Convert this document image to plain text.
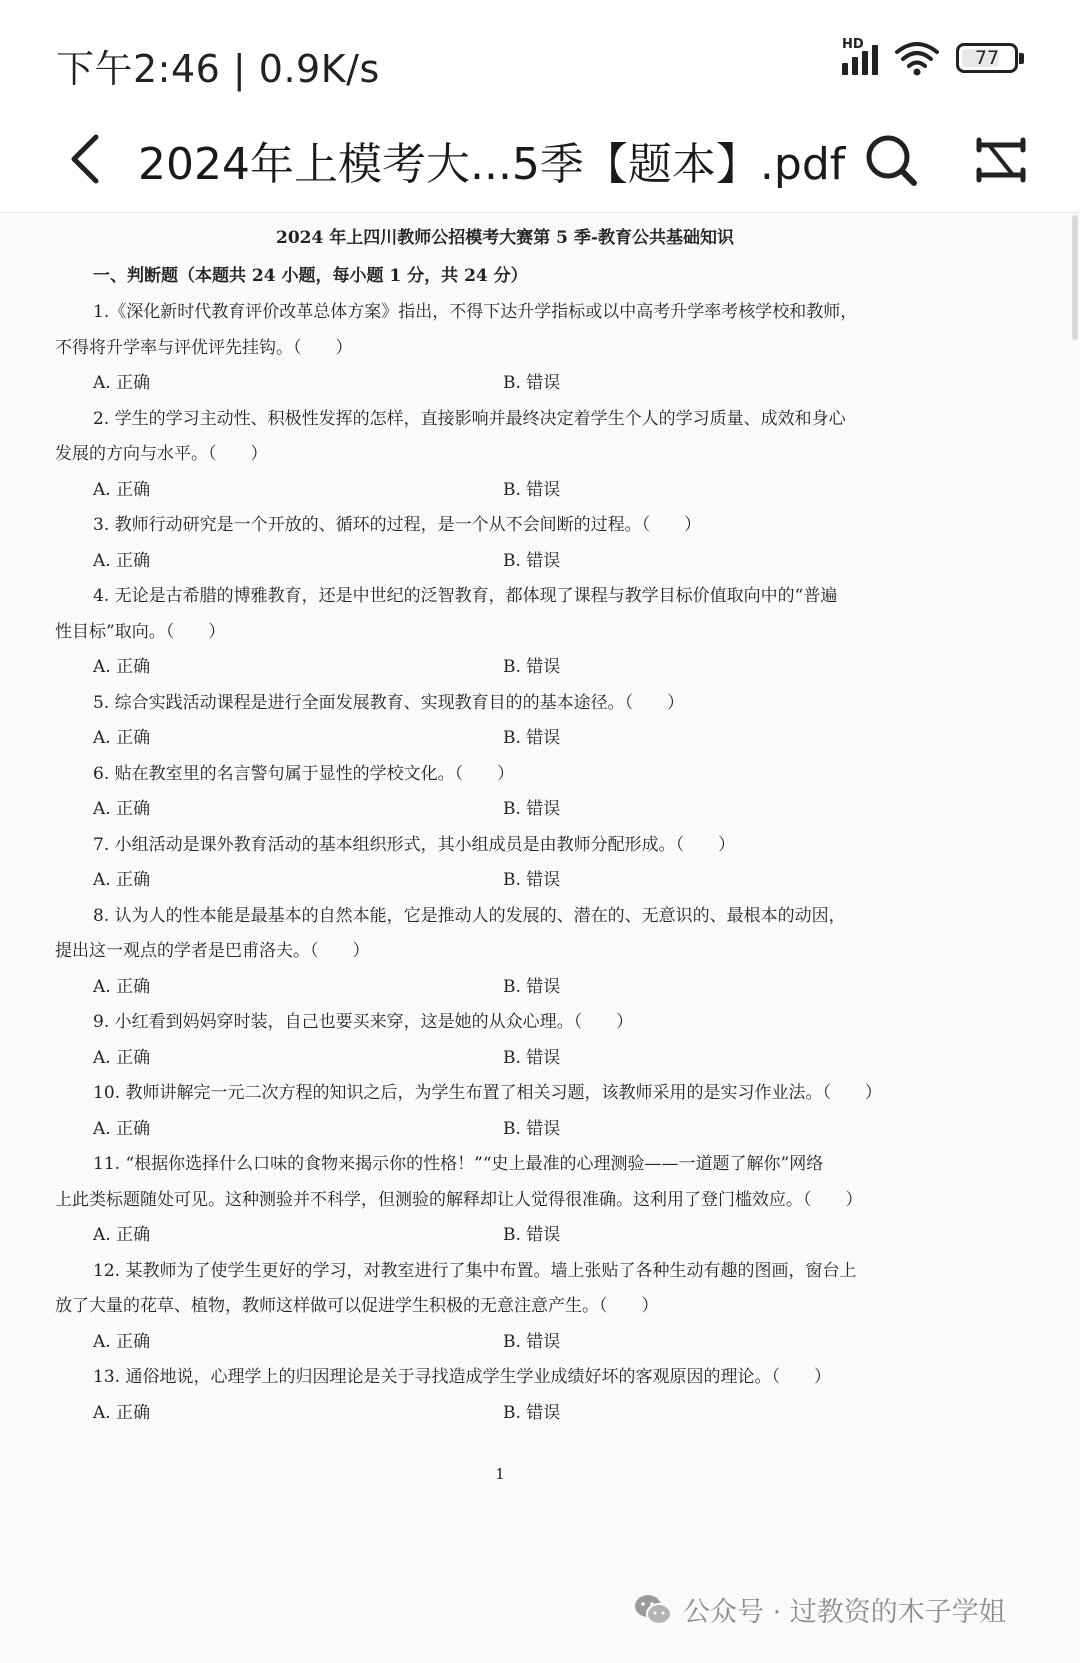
下午2:46 | 0.9K/s
HD
77
2024年上模考大...5季【题本】.pdf
2024 年上四川教师公招模考大赛第 5 季-教育公共基础知识
一、判断题（本题共 24 小题，每小题 1 分，共 24 分）
1
1.《深化新时代教育评价改革总体方案》指出，不得下达升学指标或以中高考升学率考核学校和教师，
不得将升学率与评优评先挂钩。（　　）
A. 正确	B. 错误
2. 学生的学习主动性、积极性发挥的怎样，直接影响并最终决定着学生个人的学习质量、成效和身心
发展的方向与水平。（　　）
A. 正确	B. 错误
3. 教师行动研究是一个开放的、循环的过程，是一个从不会间断的过程。（　　）
A. 正确	B. 错误
4. 无论是古希腊的博雅教育，还是中世纪的泛智教育，都体现了课程与教学目标价值取向中的“普遍
性目标”取向。（　　）
A. 正确	B. 错误
5. 综合实践活动课程是进行全面发展教育、实现教育目的的基本途径。（　　）
A. 正确	B. 错误
6. 贴在教室里的名言警句属于显性的学校文化。（　　）
A. 正确	B. 错误
7. 小组活动是课外教育活动的基本组织形式，其小组成员是由教师分配形成。（　　）
A. 正确	B. 错误
8. 认为人的性本能是最基本的自然本能，它是推动人的发展的、潜在的、无意识的、最根本的动因，
提出这一观点的学者是巴甫洛夫。（　　）
A. 正确	B. 错误
9. 小红看到妈妈穿时装，自己也要买来穿，这是她的从众心理。（　　）
A. 正确	B. 错误
10. 教师讲解完一元二次方程的知识之后，为学生布置了相关习题，该教师采用的是实习作业法。（　　）
A. 正确	B. 错误
11. “根据你选择什么口味的食物来揭示你的性格！”“史上最准的心理测验——一道题了解你”网络
上此类标题随处可见。这种测验并不科学，但测验的解释却让人觉得很准确。这利用了登门槛效应。（　　）
A. 正确	B. 错误
12. 某教师为了使学生更好的学习，对教室进行了集中布置。墙上张贴了各种生动有趣的图画，窗台上
放了大量的花草、植物，教师这样做可以促进学生积极的无意注意产生。（　　）
A. 正确	B. 错误
13. 通俗地说，心理学上的归因理论是关于寻找造成学生学业成绩好坏的客观原因的理论。（　　）
A. 正确	B. 错误
公众号 · 过教资的木子学姐
